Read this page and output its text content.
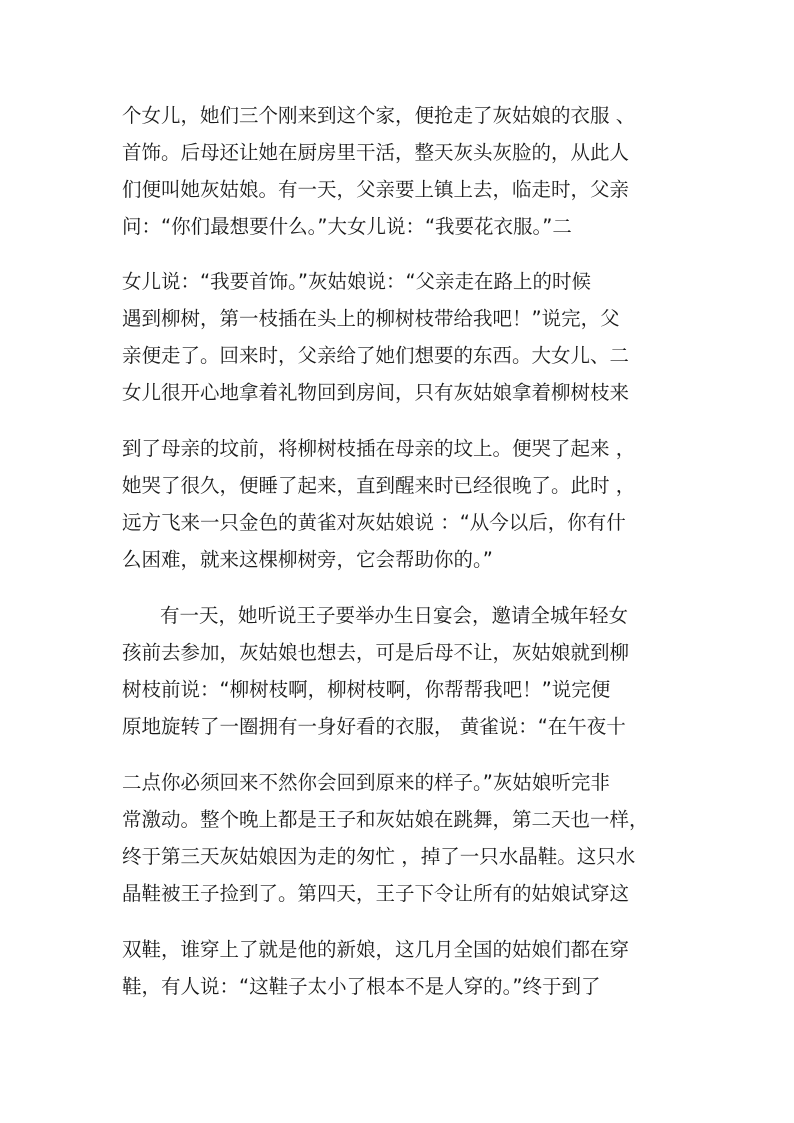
个女儿，她们三个刚来到这个家，便抢走了灰姑娘的衣服 、
首饰。后母还让她在厨房里干活，整天灰头灰脸的，从此人
们便叫她灰姑娘。有一天，父亲要上镇上去，临走时，父亲
问：“你们最想要什么。”大女儿说：“我要花衣服。”二
女儿说：“我要首饰。”灰姑娘说：“父亲走在路上的时候
遇到柳树，第一枝插在头上的柳树枝带给我吧！”说完，父
亲便走了。回来时，父亲给了她们想要的东西。大女儿、二
女儿很开心地拿着礼物回到房间，只有灰姑娘拿着柳树枝来
到了母亲的坟前，将柳树枝插在母亲的坟上。便哭了起来 ，
她哭了很久，便睡了起来，直到醒来时已经很晚了。此时 ，
远方飞来一只金色的黄雀对灰姑娘说 ：“从今以后，你有什
么困难，就来这棵柳树旁，它会帮助你的。”
有一天，她听说王子要举办生日宴会，邀请全城年轻女
孩前去参加，灰姑娘也想去，可是后母不让，灰姑娘就到柳
树枝前说：“柳树枝啊，柳树枝啊，你帮帮我吧！”说完便
原地旋转了一圈拥有一身好看的衣服， 黄雀说：“在午夜十
二点你必须回来不然你会回到原来的样子。”灰姑娘听完非
常激动。整个晚上都是王子和灰姑娘在跳舞，第二天也一样，
终于第三天灰姑娘因为走的匆忙 ，掉了一只水晶鞋。这只水
晶鞋被王子捡到了。第四天，王子下令让所有的姑娘试穿这
双鞋，谁穿上了就是他的新娘，这几月全国的姑娘们都在穿
鞋，有人说：“这鞋子太小了根本不是人穿的。”终于到了
